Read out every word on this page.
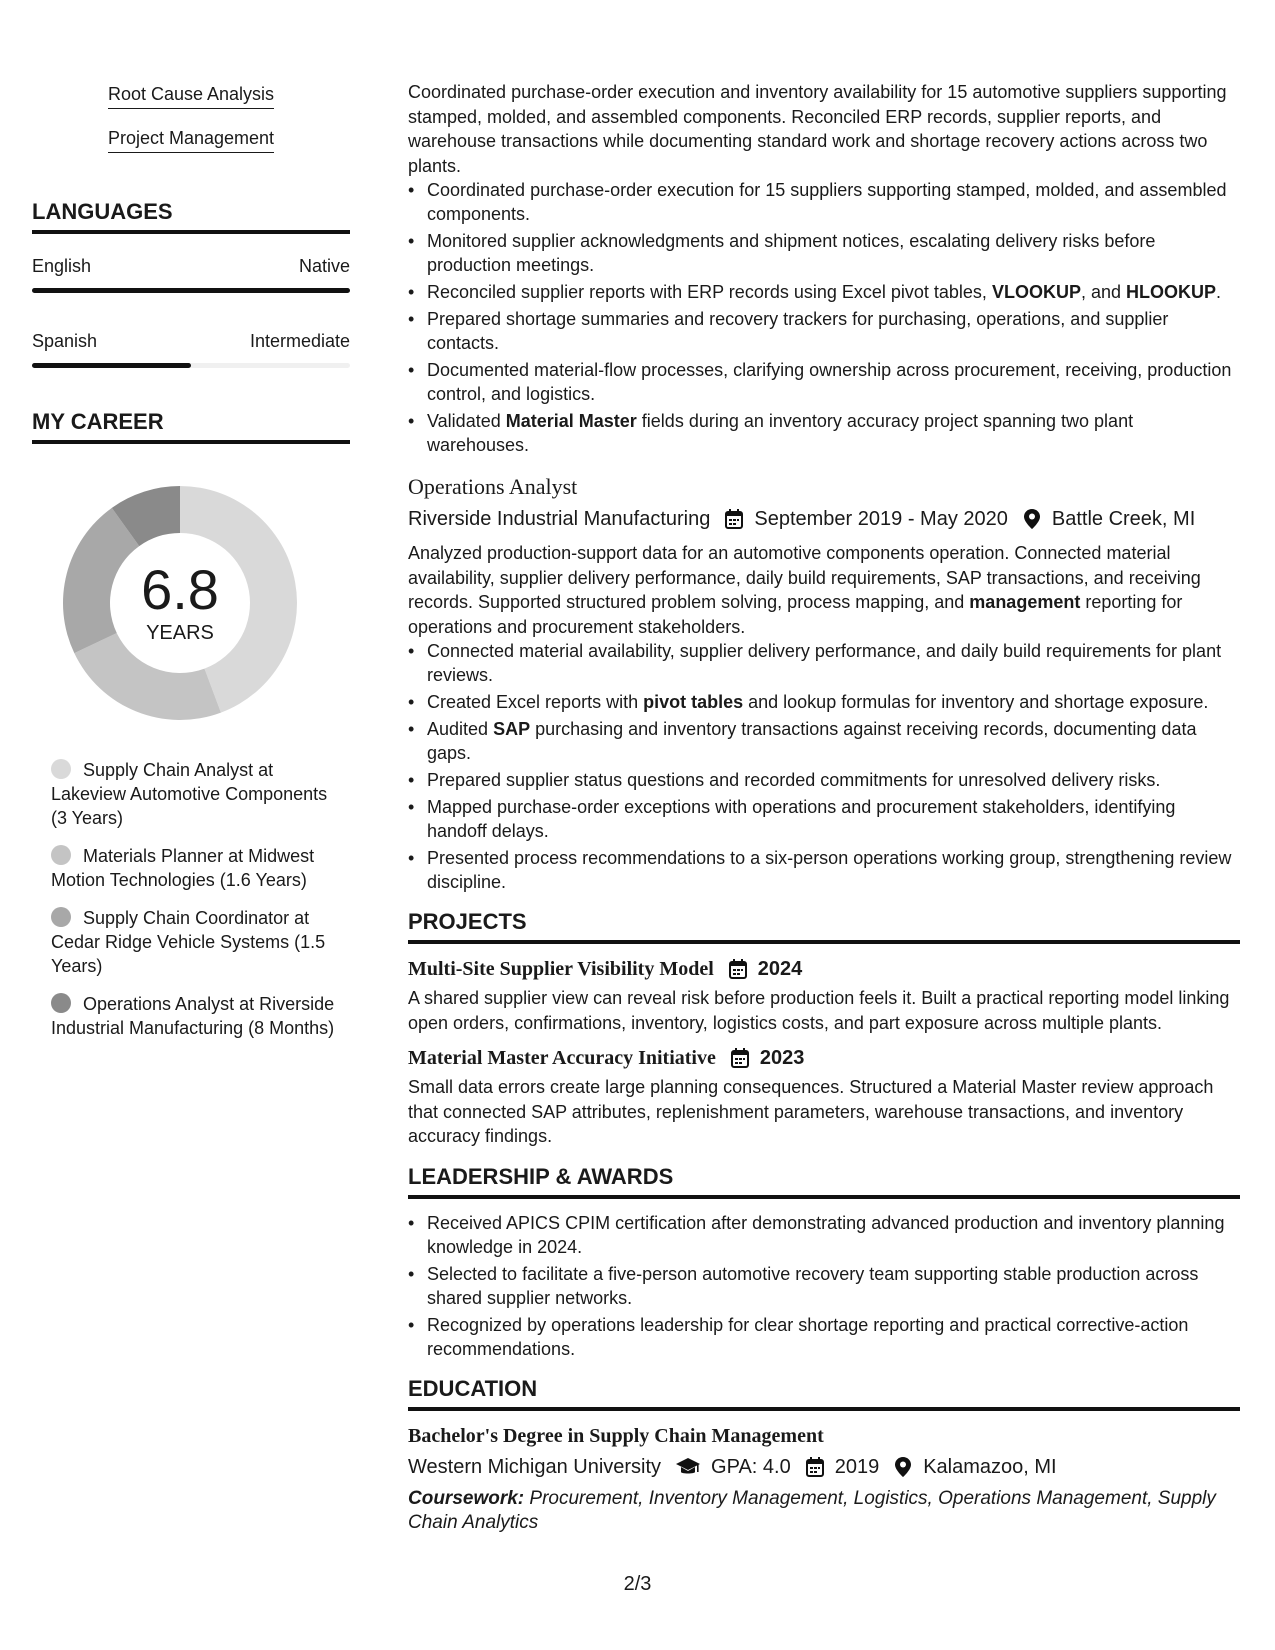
Root Cause Analysis
Project Management
LANGUAGES
English	Native
Spanish	Intermediate
MY CAREER
6.8
YEARS
Supply Chain Analyst at Lakeview Automotive Components (3 Years)
Materials Planner at Midwest Motion Technologies (1.6 Years)
Supply Chain Coordinator at Cedar Ridge Vehicle Systems (1.5 Years)
Operations Analyst at Riverside Industrial Manufacturing (8 Months)

Coordinated purchase-order execution and inventory availability for 15 automotive suppliers supporting stamped, molded, and assembled components. Reconciled ERP records, supplier reports, and warehouse transactions while documenting standard work and shortage recovery actions across two plants.

• Coordinated purchase-order execution for 15 suppliers supporting stamped, molded, and assembled components.
• Monitored supplier acknowledgments and shipment notices, escalating delivery risks before production meetings.
• Reconciled supplier reports with ERP records using Excel pivot tables, VLOOKUP, and HLOOKUP.
• Prepared shortage summaries and recovery trackers for purchasing, operations, and supplier contacts.
• Documented material-flow processes, clarifying ownership across procurement, receiving, production control, and logistics.
• Validated Material Master fields during an inventory accuracy project spanning two plant warehouses.
Operations Analyst
Riverside Industrial Manufacturing September 2019 - May 2020 Battle Creek, MI

Analyzed production-support data for an automotive components operation. Connected material availability, supplier delivery performance, daily build requirements, SAP transactions, and receiving records. Supported structured problem solving, process mapping, and management reporting for operations and procurement stakeholders.

• Connected material availability, supplier delivery performance, and daily build requirements for plant reviews.
• Created Excel reports with pivot tables and lookup formulas for inventory and shortage exposure.
• Audited SAP purchasing and inventory transactions against receiving records, documenting data gaps.
• Prepared supplier status questions and recorded commitments for unresolved delivery risks.
• Mapped purchase-order exceptions with operations and procurement stakeholders, identifying handoff delays.
• Presented process recommendations to a six-person operations working group, strengthening review discipline.
PROJECTS
Multi-Site Supplier Visibility Model 2024

A shared supplier view can reveal risk before production feels it. Built a practical reporting model linking open orders, confirmations, inventory, logistics costs, and part exposure across multiple plants.

Material Master Accuracy Initiative 2023

Small data errors create large planning consequences. Structured a Material Master review approach that connected SAP attributes, replenishment parameters, warehouse transactions, and inventory accuracy findings.

LEADERSHIP & AWARDS
• Received APICS CPIM certification after demonstrating advanced production and inventory planning knowledge in 2024.
• Selected to facilitate a five-person automotive recovery team supporting stable production across shared supplier networks.
• Recognized by operations leadership for clear shortage reporting and practical corrective-action recommendations.
EDUCATION
Bachelor's Degree in Supply Chain Management
Western Michigan University	GPA: 4.0 2019 Kalamazoo, MI

Coursework: Procurement, Inventory Management, Logistics, Operations Management, Supply Chain Analytics

2/3
